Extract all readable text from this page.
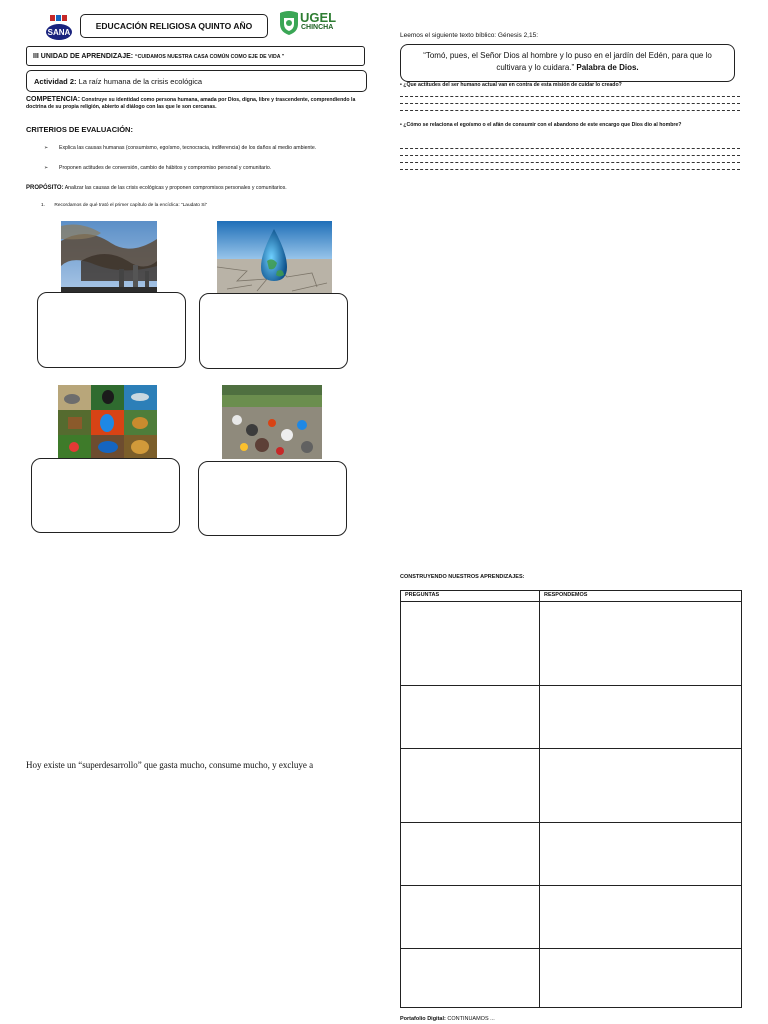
SANA
EDUCACIÓN RELIGIOSA QUINTO AÑO
UGEL
CHINCHA
III UNIDAD DE APRENDIZAJE: “CUIDAMOS NUESTRA CASA COMÚN COMO EJE DE VIDA ”
Actividad 2: La raíz humana de la crisis ecológica
COMPETENCIA: Construye su identidad como persona humana, amada por Dios, digna, libre y trascendente, comprendiendo la doctrina de su propia religión, abierto al diálogo con las que le son cercanas.
CRITERIOS DE EVALUACIÓN:
➢	Explica las causas humanas (consumismo, egoísmo, tecnocracia, indiferencia) de los daños al medio ambiente.
➢	Proponen actitudes de conversión, cambio de hábitos y compromiso personal y comunitario.
PROPÓSITO: Analizar las causas de las crisis ecológicas y proponen compromisos personales y comunitarios.
1. Recordamos de qué trató el primer capítulo de la encíclica: “Laudato Si”
Hoy existe un “superdesarrollo” que gasta mucho, consume mucho, y excluye a
Leemos el siguiente texto bíblico: Génesis 2,15:
“Tomó, pues, el Señor Dios al hombre y lo puso en el jardín del Edén, para que lo cultivara y lo cuidara.” Palabra de Dios.
• ¿Que actitudes del ser humano actual van en contra de esta misión de cuidar lo creado?
• ¿Cómo se relaciona el egoísmo o el afán de consumir con el abandono de este encargo que Dios dio al hombre?
CONSTRUYENDO NUESTROS APRENDIZAJES:
PREGUNTAS	RESPONDEMOS

Portafolio Digital: CONTINUAMOS ...
